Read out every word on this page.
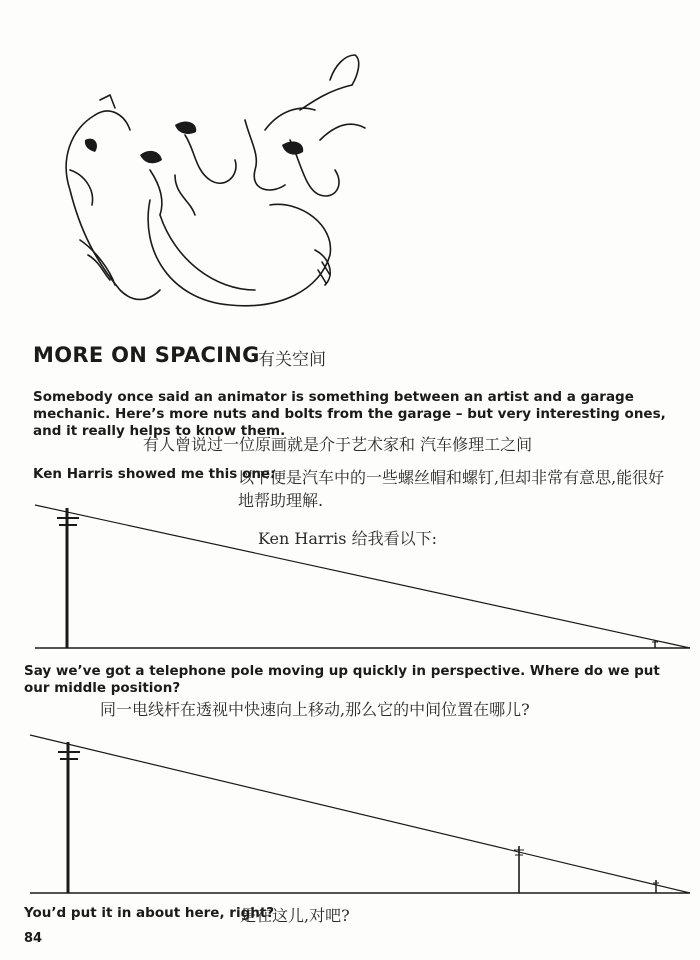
MORE ON SPACING
有关空间
Somebody once said an animator is something between an artist and a garage mechanic. Here’s more nuts and bolts from the garage – but very interesting ones, and it really helps to know them.
有人曾说过一位原画就是介于艺术家和 汽车修理工之间
Ken Harris showed me this one:
以下便是汽车中的一些螺丝帽和螺钉,但却非常有意思,能很好地帮助理解.
Ken Harris 给我看以下:
Say we’ve got a telephone pole moving up quickly in perspective. Where do we put our middle position?
同一电线杆在透视中快速向上移动,那么它的中间位置在哪儿?
You’d put it in about here, right?
是在这儿,对吧?
84
